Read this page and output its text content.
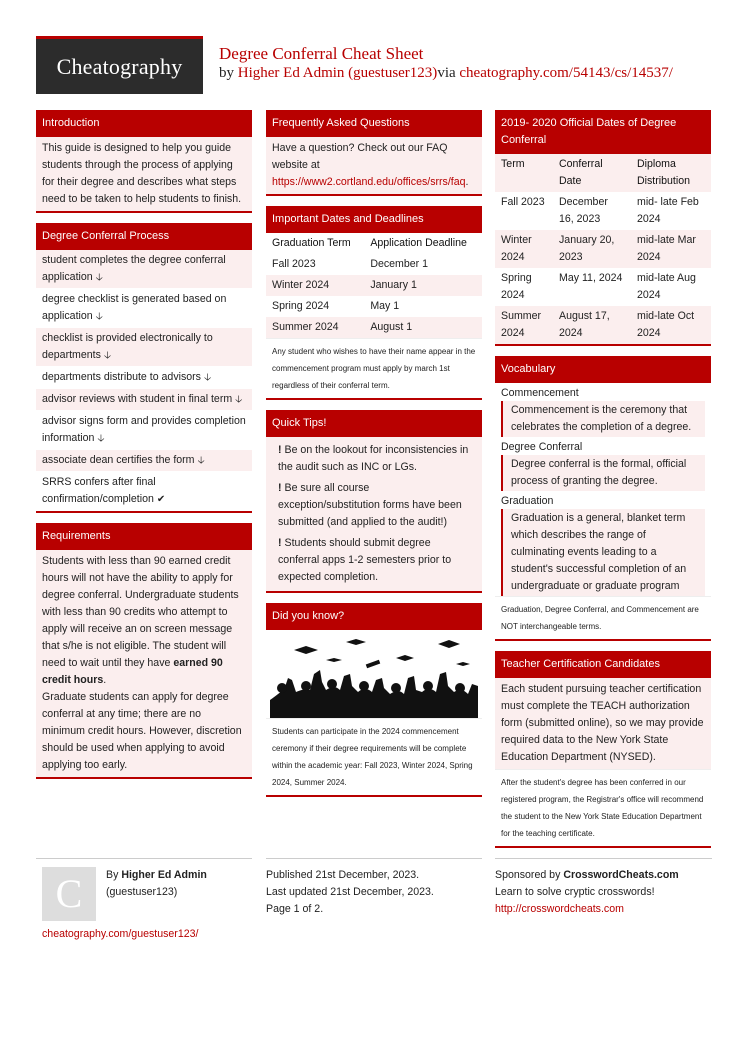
Cheatography
Degree Conferral Cheat Sheet
by Higher Ed Admin (guestuser123)via cheatography.com/54143/cs/14537/
Introduction
This guide is designed to help you guide students through the process of applying for their degree and describes what steps need to be taken to help students to finish.
Degree Conferral Process
student completes the degree conferral application 🡣
degree checklist is generated based on application 🡣
checklist is provided electronically to departments 🡣
departments distribute to advisors 🡣
advisor reviews with student in final term 🡣
advisor signs form and provides completion information 🡣
associate dean certifies the form 🡣
SRRS confers after final confirmation/completion ✔
Requirements
Students with less than 90 earned credit hours will not have the ability to apply for degree conferral. Undergraduate students with less than 90 credits who attempt to apply will receive an on screen message that s/he is not eligible. The student will need to wait until they have earned 90 credit hours.
Graduate students can apply for degree conferral at any time; there are no minimum credit hours. However, discretion should be used when applying to avoid applying too early.
Frequently Asked Questions
Have a question? Check out our FAQ website at https://www2.cortland.edu/offices/srrs/faq.
Important Dates and Deadlines
Graduation Term	Application Deadline
Fall 2023	December 1
Winter 2024	January 1
Spring 2024	May 1
Summer 2024	August 1
Any student who wishes to have their name appear in the commencement program must apply by march 1st regardless of their conferral term.
Quick Tips!
! Be on the lookout for inconsistencies in the audit such as INC or LGs.
! Be sure all course exception/substitution forms have been submitted (and applied to the audit!)
! Students should submit degree conferral apps 1-2 semesters prior to expected completion.
Did you know?
Students can participate in the 2024 commencement ceremony if their degree requirements will be complete within the academic year: Fall 2023, Winter 2024, Spring 2024, Summer 2024.
2019- 2020 Official Dates of Degree Conferral
Term	Conferral Date	Diploma Distribution
Fall 2023	December 16, 2023	mid- late Feb 2024
Winter 2024	January 20, 2023	mid-late Mar 2024
Spring 2024	May 11, 2024	mid-late Aug 2024
Summer 2024	August 17, 2024	mid-late Oct 2024
Vocabulary
Commencement
Commencement is the ceremony that celebrates the completion of a degree.
Degree Conferral
Degree conferral is the formal, official process of granting the degree.
Graduation
Graduation is a general, blanket term which describes the range of culminating events leading to a student's successful completion of an undergraduate or graduate program
Graduation, Degree Conferral, and Commencement are NOT interchangeable terms.
Teacher Certification Candidates
Each student pursuing teacher certification must complete the TEACH authorization form (submitted online), so we may provide required data to the New York State Education Department (NYSED).
After the student's degree has been conferred in our registered program, the Registrar's office will recommend the student to the New York State Education Department for the teaching certificate.
C	By Higher Ed Admin
(guestuser123)
cheatography.com/guestuser123/
Published 21st December, 2023.
Last updated 21st December, 2023.
Page 1 of 2.
Sponsored by CrosswordCheats.com
Learn to solve cryptic crosswords!
http://crosswordcheats.com
